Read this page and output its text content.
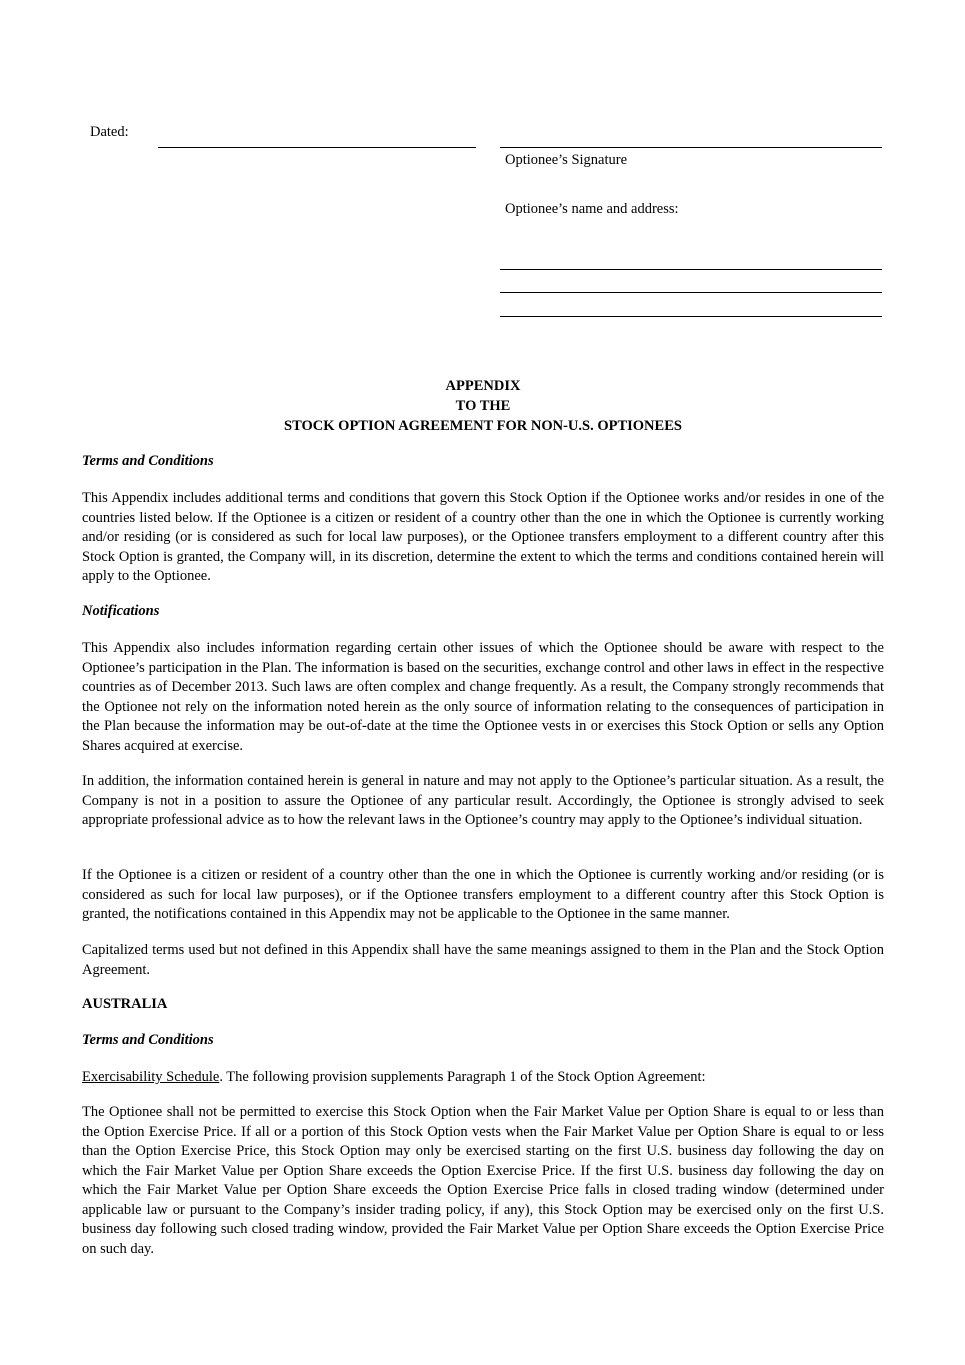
Dated:
Optionee’s Signature
Optionee’s name and address:
APPENDIX
TO THE
STOCK OPTION AGREEMENT FOR NON-U.S. OPTIONEES
Terms and Conditions

This Appendix includes additional terms and conditions that govern this Stock Option if the Optionee works and/or resides in one of the countries listed below. If the Optionee is a citizen or resident of a country other than the one in which the Optionee is currently working and/or residing (or is considered as such for local law purposes), or the Optionee transfers employment to a different country after this Stock Option is granted, the Company will, in its discretion, determine the extent to which the terms and conditions contained herein will apply to the Optionee.

Notifications

This Appendix also includes information regarding certain other issues of which the Optionee should be aware with respect to the Optionee’s participation in the Plan. The information is based on the securities, exchange control and other laws in effect in the respective countries as of December 2013. Such laws are often complex and change frequently. As a result, the Company strongly recommends that the Optionee not rely on the information noted herein as the only source of information relating to the consequences of participation in the Plan because the information may be out-of-date at the time the Optionee vests in or exercises this Stock Option or sells any Option Shares acquired at exercise.

In addition, the information contained herein is general in nature and may not apply to the Optionee’s particular situation. As a result, the Company is not in a position to assure the Optionee of any particular result. Accordingly, the Optionee is strongly advised to seek appropriate professional advice as to how the relevant laws in the Optionee’s country may apply to the Optionee’s individual situation.

If the Optionee is a citizen or resident of a country other than the one in which the Optionee is currently working and/or residing (or is considered as such for local law purposes), or if the Optionee transfers employment to a different country after this Stock Option is granted, the notifications contained in this Appendix may not be applicable to the Optionee in the same manner.

Capitalized terms used but not defined in this Appendix shall have the same meanings assigned to them in the Plan and the Stock Option Agreement.

AUSTRALIA
Terms and Conditions

Exercisability Schedule. The following provision supplements Paragraph 1 of the Stock Option Agreement:

The Optionee shall not be permitted to exercise this Stock Option when the Fair Market Value per Option Share is equal to or less than the Option Exercise Price. If all or a portion of this Stock Option vests when the Fair Market Value per Option Share is equal to or less than the Option Exercise Price, this Stock Option may only be exercised starting on the first U.S. business day following the day on which the Fair Market Value per Option Share exceeds the Option Exercise Price. If the first U.S. business day following the day on which the Fair Market Value per Option Share exceeds the Option Exercise Price falls in closed trading window (determined under applicable law or pursuant to the Company’s insider trading policy, if any), this Stock Option may be exercised only on the first U.S. business day following such closed trading window, provided the Fair Market Value per Option Share exceeds the Option Exercise Price on such day.
